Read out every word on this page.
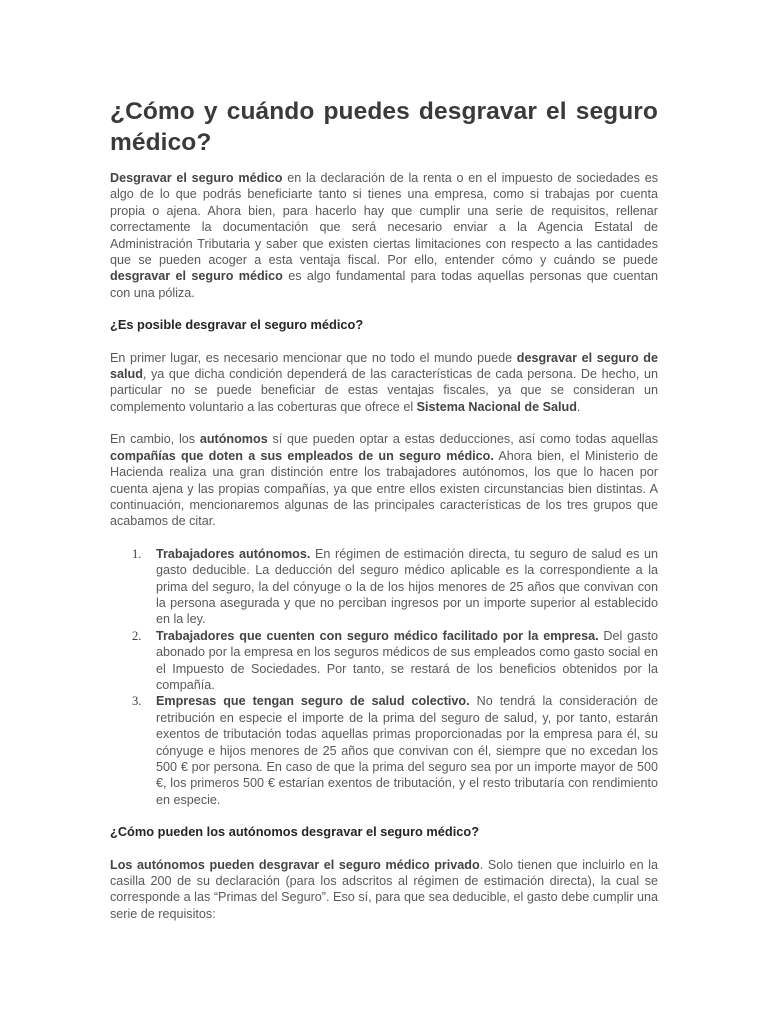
¿Cómo y cuándo puedes desgravar el seguro médico?

Desgravar el seguro médico en la declaración de la renta o en el impuesto de sociedades es algo de lo que podrás beneficiarte tanto si tienes una empresa, como si trabajas por cuenta propia o ajena. Ahora bien, para hacerlo hay que cumplir una serie de requisitos, rellenar correctamente la documentación que será necesario enviar a la Agencia Estatal de Administración Tributaria y saber que existen ciertas limitaciones con respecto a las cantidades que se pueden acoger a esta ventaja fiscal. Por ello, entender cómo y cuándo se puede desgravar el seguro médico es algo fundamental para todas aquellas personas que cuentan con una póliza.

¿Es posible desgravar el seguro médico?

En primer lugar, es necesario mencionar que no todo el mundo puede desgravar el seguro de salud, ya que dicha condición dependerá de las características de cada persona. De hecho, un particular no se puede beneficiar de estas ventajas fiscales, ya que se consideran un complemento voluntario a las coberturas que ofrece el Sistema Nacional de Salud.

En cambio, los autónomos sí que pueden optar a estas deducciones, así como todas aquellas compañías que doten a sus empleados de un seguro médico. Ahora bien, el Ministerio de Hacienda realiza una gran distinción entre los trabajadores autónomos, los que lo hacen por cuenta ajena y las propias compañías, ya que entre ellos existen circunstancias bien distintas. A continuación, mencionaremos algunas de las principales características de los tres grupos que acabamos de citar.

1. Trabajadores autónomos. En régimen de estimación directa, tu seguro de salud es un gasto deducible. La deducción del seguro médico aplicable es la correspondiente a la prima del seguro, la del cónyuge o la de los hijos menores de 25 años que convivan con la persona asegurada y que no perciban ingresos por un importe superior al establecido en la ley.

2. Trabajadores que cuenten con seguro médico facilitado por la empresa. Del gasto abonado por la empresa en los seguros médicos de sus empleados como gasto social en el Impuesto de Sociedades. Por tanto, se restará de los beneficios obtenidos por la compañía.

3. Empresas que tengan seguro de salud colectivo. No tendrá la consideración de retribución en especie el importe de la prima del seguro de salud, y, por tanto, estarán exentos de tributación todas aquellas primas proporcionadas por la empresa para él, su cónyuge e hijos menores de 25 años que convivan con él, siempre que no excedan los 500 € por persona. En caso de que la prima del seguro sea por un importe mayor de 500 €, los primeros 500 € estarían exentos de tributación, y el resto tributaría con rendimiento en especie.

¿Cómo pueden los autónomos desgravar el seguro médico?

Los autónomos pueden desgravar el seguro médico privado. Solo tienen que incluirlo en la casilla 200 de su declaración (para los adscritos al régimen de estimación directa), la cual se corresponde a las “Primas del Seguro”. Eso sí, para que sea deducible, el gasto debe cumplir una serie de requisitos:
